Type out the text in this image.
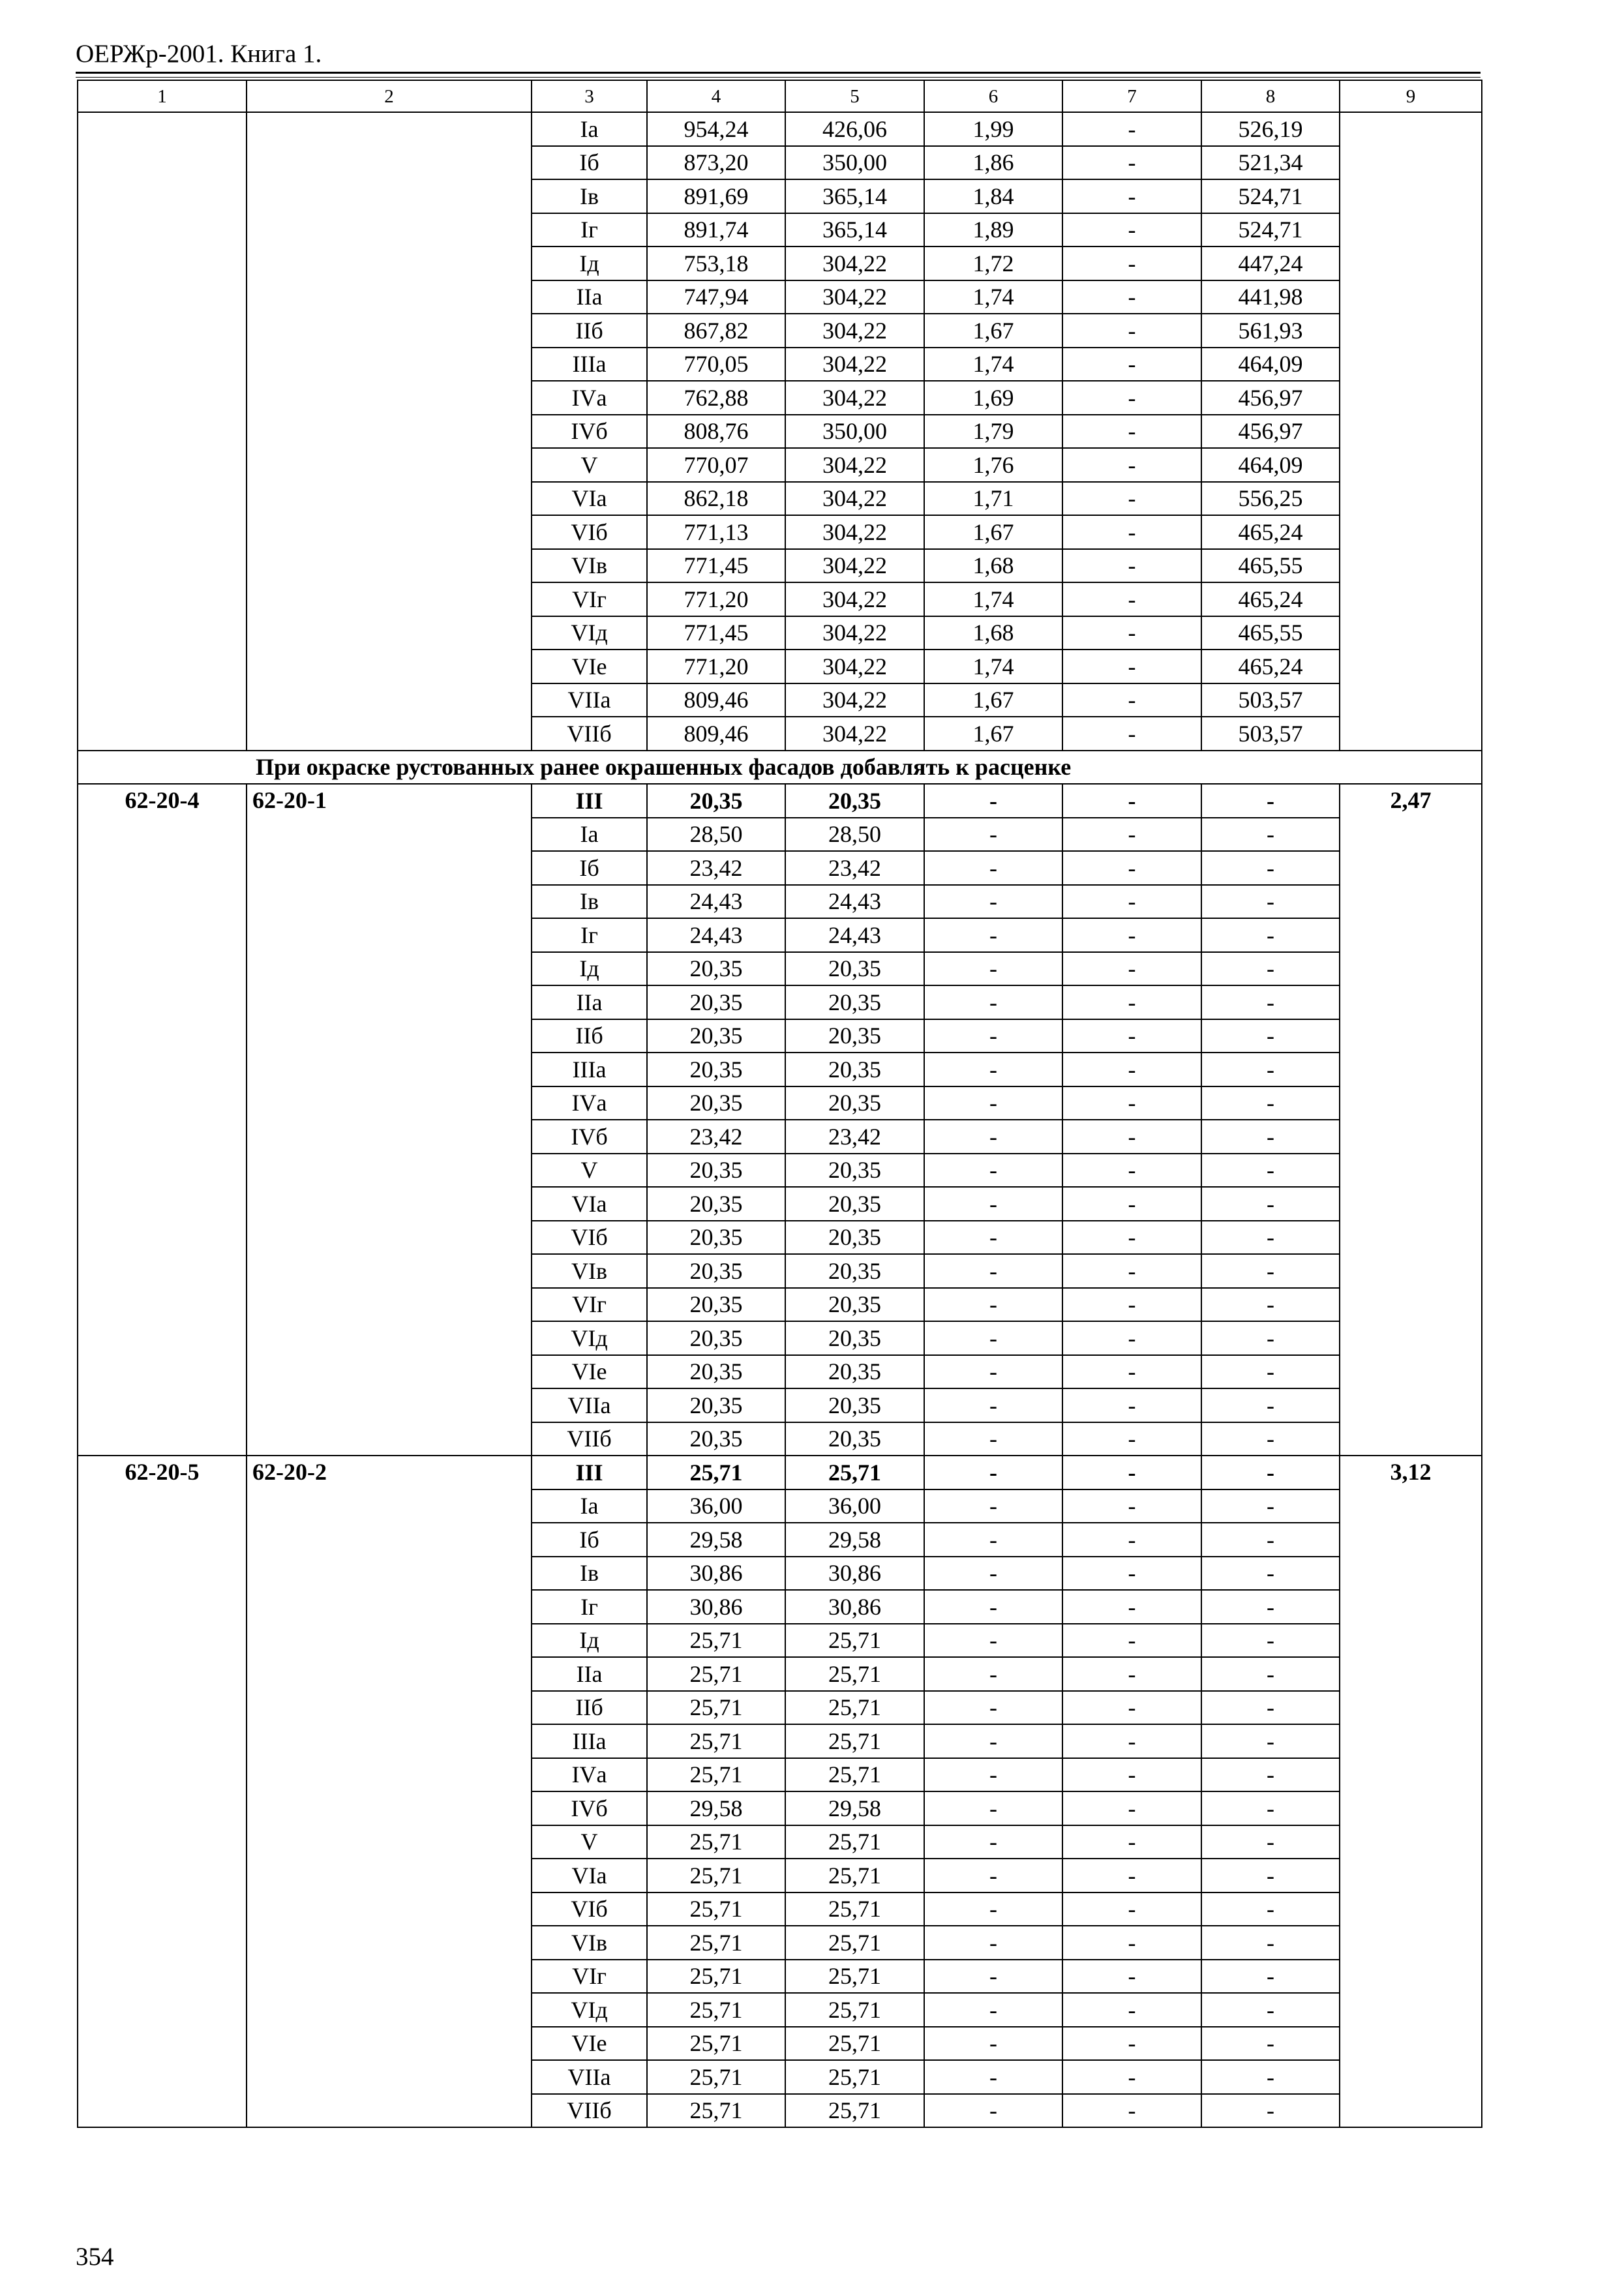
ОЕРЖр-2001. Книга 1.
1	2	3	4	5	6	7	8	9
		Iа	954,24	426,06	1,99	-	526,19	
		Iб	873,20	350,00	1,86	-	521,34	
		Iв	891,69	365,14	1,84	-	524,71	
		Iг	891,74	365,14	1,89	-	524,71	
		Iд	753,18	304,22	1,72	-	447,24	
		IIа	747,94	304,22	1,74	-	441,98	
		IIб	867,82	304,22	1,67	-	561,93	
		IIIа	770,05	304,22	1,74	-	464,09	
		IVа	762,88	304,22	1,69	-	456,97	
		IVб	808,76	350,00	1,79	-	456,97	
		V	770,07	304,22	1,76	-	464,09	
		VIа	862,18	304,22	1,71	-	556,25	
		VIб	771,13	304,22	1,67	-	465,24	
		VIв	771,45	304,22	1,68	-	465,55	
		VIг	771,20	304,22	1,74	-	465,24	
		VIд	771,45	304,22	1,68	-	465,55	
		VIе	771,20	304,22	1,74	-	465,24	
		VIIа	809,46	304,22	1,67	-	503,57	
		VIIб	809,46	304,22	1,67	-	503,57	
При окраске рустованных ранее окрашенных фасадов добавлять к расценке								
62-20-4	62-20-1	III	20,35	20,35	-	-	-	2,47
		Iа	28,50	28,50	-	-	-	
		Iб	23,42	23,42	-	-	-	
		Iв	24,43	24,43	-	-	-	
		Iг	24,43	24,43	-	-	-	
		Iд	20,35	20,35	-	-	-	
		IIа	20,35	20,35	-	-	-	
		IIб	20,35	20,35	-	-	-	
		IIIа	20,35	20,35	-	-	-	
		IVа	20,35	20,35	-	-	-	
		IVб	23,42	23,42	-	-	-	
		V	20,35	20,35	-	-	-	
		VIа	20,35	20,35	-	-	-	
		VIб	20,35	20,35	-	-	-	
		VIв	20,35	20,35	-	-	-	
		VIг	20,35	20,35	-	-	-	
		VIд	20,35	20,35	-	-	-	
		VIе	20,35	20,35	-	-	-	
		VIIа	20,35	20,35	-	-	-	
		VIIб	20,35	20,35	-	-	-	
62-20-5	62-20-2	III	25,71	25,71	-	-	-	3,12
		Iа	36,00	36,00	-	-	-	
		Iб	29,58	29,58	-	-	-	
		Iв	30,86	30,86	-	-	-	
		Iг	30,86	30,86	-	-	-	
		Iд	25,71	25,71	-	-	-	
		IIа	25,71	25,71	-	-	-	
		IIб	25,71	25,71	-	-	-	
		IIIа	25,71	25,71	-	-	-	
		IVа	25,71	25,71	-	-	-	
		IVб	29,58	29,58	-	-	-	
		V	25,71	25,71	-	-	-	
		VIа	25,71	25,71	-	-	-	
		VIб	25,71	25,71	-	-	-	
		VIв	25,71	25,71	-	-	-	
		VIг	25,71	25,71	-	-	-	
		VIд	25,71	25,71	-	-	-	
		VIе	25,71	25,71	-	-	-	
		VIIа	25,71	25,71	-	-	-	
		VIIб	25,71	25,71	-	-	-	
354
